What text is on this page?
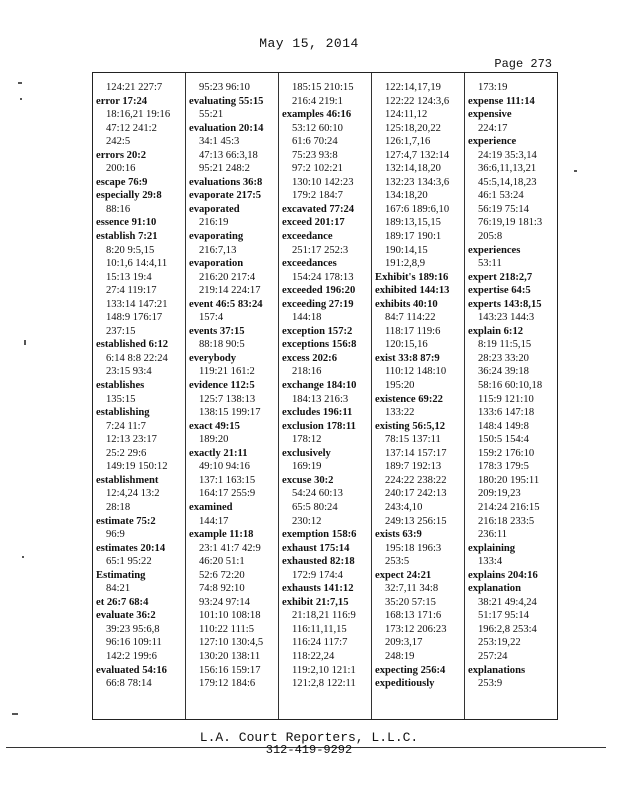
May 15, 2014
Page 273
124:21 227:7
error 17:24
18:16,21 19:16
47:12 241:2
242:5
errors 20:2
200:16
escape 76:9
especially 29:8
88:16
essence 91:10
establish 7:21
8:20 9:5,15
10:1,6 14:4,11
15:13 19:4
27:4 119:17
133:14 147:21
148:9 176:17
237:15
established 6:12
6:14 8:8 22:24
23:15 93:4
establishes
135:15
establishing
7:24 11:7
12:13 23:17
25:2 29:6
149:19 150:12
establishment
12:4,24 13:2
28:18
estimate 75:2
96:9
estimates 20:14
65:1 95:22
Estimating
84:21
et 26:7 68:4
evaluate 36:2
39:23 95:6,8
96:16 109:11
142:2 199:6
evaluated 54:16
66:8 78:14
95:23 96:10
evaluating 55:15
55:21
evaluation 20:14
34:1 45:3
47:13 66:3,18
95:21 248:2
evaluations 36:8
evaporate 217:5
evaporated
216:19
evaporating
216:7,13
evaporation
216:20 217:4
219:14 224:17
event 46:5 83:24
157:4
events 37:15
88:18 90:5
everybody
119:21 161:2
evidence 112:5
125:7 138:13
138:15 199:17
exact 49:15
189:20
exactly 21:11
49:10 94:16
137:1 163:15
164:17 255:9
examined
144:17
example 11:18
23:1 41:7 42:9
46:20 51:1
52:6 72:20
74:8 92:10
93:24 97:14
101:10 108:18
110:22 111:5
127:10 130:4,5
130:20 138:11
156:16 159:17
179:12 184:6
185:15 210:15
216:4 219:1
examples 46:16
53:12 60:10
61:6 70:24
75:23 93:8
97:2 102:21
130:10 142:23
179:2 184:7
excavated 77:24
exceed 201:17
exceedance
251:17 252:3
exceedances
154:24 178:13
exceeded 196:20
exceeding 27:19
144:18
exception 157:2
exceptions 156:8
excess 202:6
218:16
exchange 184:10
184:13 216:3
excludes 196:11
exclusion 178:11
178:12
exclusively
169:19
excuse 30:2
54:24 60:13
65:5 80:24
230:12
exemption 158:6
exhaust 175:14
exhausted 82:18
172:9 174:4
exhausts 141:12
exhibit 21:7,15
21:18,21 116:9
116:11,11,15
116:24 117:7
118:22,24
119:2,10 121:1
121:2,8 122:11
122:14,17,19
122:22 124:3,6
124:11,12
125:18,20,22
126:1,7,16
127:4,7 132:14
132:14,18,20
132:23 134:3,6
134:18,20
167:6 189:6,10
189:13,15,15
189:17 190:1
190:14,15
191:2,8,9
Exhibit's 189:16
exhibited 144:13
exhibits 40:10
84:7 114:22
118:17 119:6
120:15,16
exist 33:8 87:9
110:12 148:10
195:20
existence 69:22
133:22
existing 56:5,12
78:15 137:11
137:14 157:17
189:7 192:13
224:22 238:22
240:17 242:13
243:4,10
249:13 256:15
exists 63:9
195:18 196:3
253:5
expect 24:21
32:7,11 34:8
35:20 57:15
168:13 171:6
173:12 206:23
209:3,17
248:19
expecting 256:4
expeditiously
173:19
expense 111:14
expensive
224:17
experience
24:19 35:3,14
36:6,11,13,21
45:5,14,18,23
46:1 53:24
56:19 75:14
76:19,19 181:3
205:8
experiences
53:11
expert 218:2,7
expertise 64:5
experts 143:8,15
143:23 144:3
explain 6:12
8:19 11:5,15
28:23 33:20
36:24 39:18
58:16 60:10,18
115:9 121:10
133:6 147:18
148:4 149:8
150:5 154:4
159:2 176:10
178:3 179:5
180:20 195:11
209:19,23
214:24 216:15
216:18 233:5
236:11
explaining
133:4
explains 204:16
explanation
38:21 49:4,24
51:17 95:14
196:2,8 253:4
253:19,22
257:24
explanations
253:9
L.A. Court Reporters, L.L.C.
312-419-9292
